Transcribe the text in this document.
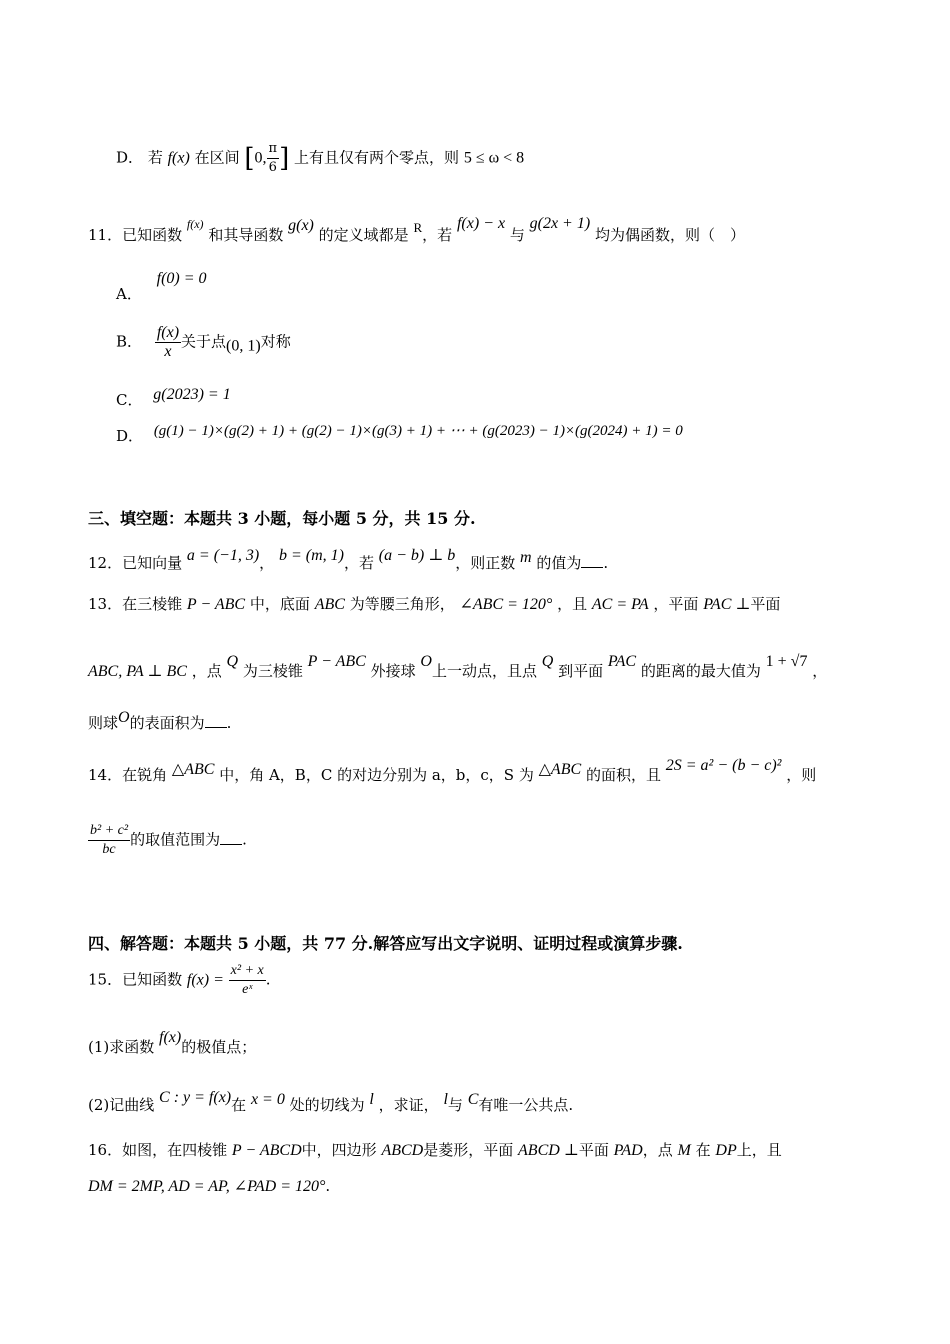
D． 若 f(x) 在区间 [0, $\frac{\pi}{6}$ ] 上有且仅有两个零点，则 5 ≤ ω < 8
11．已知函数 $^{f(x)}$ 和其导函数 g(x) 的定义域都是 R，若 f(x) − x 与 g(2x + 1) 均为偶函数，则（　）
A． f(0) = 0
B． $\frac{f(x)}{x}$ 关于点(0, 1)对称
C． g(2023) = 1
D． (g(1) − 1)×(g(2) + 1) + (g(2) − 1)×(g(3) + 1) + ⋯ + (g(2023) − 1)×(g(2024) + 1) = 0
三、填空题：本题共 3 小题，每小题 5 分，共 15 分.
12．已知向量 a = (−1, 3)， b = (m, 1)，若 (a − b) ⊥ b，则正数 m 的值为 .
13．在三棱锥 P − ABC 中，底面 ABC 为等腰三角形， ∠ABC = 120° ，且 AC = PA ，平面 PAC ⊥平面
ABC, PA ⊥ BC ，点 Q 为三棱锥 P − ABC 外接球 O上一动点，且点 Q 到平面 PAC 的距离的最大值为 1 + √7 ，
则球O的表面积为 .
14．在锐角 △ABC 中，角 A，B，C 的对边分别为 a，b，c，S 为 △ABC 的面积，且 2S = a² − (b − c)² ，则
$\frac{\text{b² + c²}}{bc}$ 的取值范围为 .
四、解答题：本题共 5 小题，共 77 分.解答应写出文字说明、证明过程或演算步骤.
15．已知函数 $f(x) = \frac{\text{x² + x}}{\text{eˣ}}$ .
(1)求函数 f(x)的极值点；
(2)记曲线 C : y = f(x)在 x = 0 处的切线为 l ，求证， l与 C有唯一公共点.
16．如图，在四棱锥 P − ABCD中，四边形 ABCD是菱形，平面 ABCD ⊥平面 PAD，点 M 在 DP上，且
DM = 2MP, AD = AP, ∠PAD = 120°.
